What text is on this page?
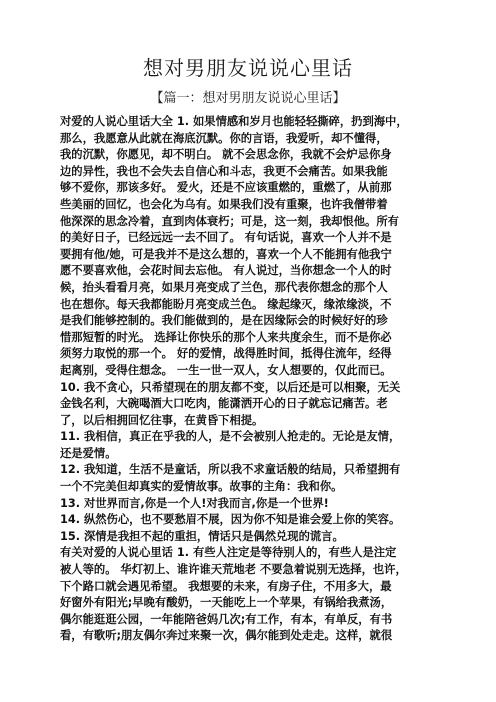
想对男朋友说说心里话
【篇一：想对男朋友说说心里话】
对爱的人说心里话大全 1. 如果情感和岁月也能轻轻撕碎，扔到海中，
那么，我愿意从此就在海底沉默。你的言语，我爱听，却不懂得，
我的沉默，你愿见，却不明白。 就不会思念你，我就不会炉忌你身
边的异性，我也不会失去自信心和斗志，我更不会痛苦。如果我能
够不爱你，那该多好。 爱火，还是不应该重燃的，重燃了，从前那
些美丽的回忆，也会化为乌有。如果我们没有重聚，也许我僧带着
他深深的思念冷着，直到肉体衰朽；可是，这一刻，我却恨他。所有
的美好日子，已经远远一去不回了。 有句话说，喜欢一个人并不是
要拥有他/她，可是我并不是这么想的，喜欢一个人不能拥有他我宁
愿不要喜欢他，会花时间去忘他。 有人说过，当你想念一个人的时
候，抬头看看月亮，如果月亮变成了兰色，那代表你想念的那个人
也在想你。每天我都能盼月亮变成兰色。 缘起缘灭，缘浓缘淡，不
是我们能够控制的。我们能做到的，是在因缘际会的时候好好的珍
惜那短暂的时光。 选择让你快乐的那个人来共度余生，而不是你必
须努力取悦的那一个。 好的爱情，战得胜时间，抵得住流年，经得
起离别，受得住想念。 一生一世一双人，女人想要的，仅此而已。
10. 我不贪心，只希望现在的朋友都不变，以后还是可以相聚，无关
金钱名利，大碗喝酒大口吃肉，能潇洒开心的日子就忘记痛苦。老
了，以后相拥回忆往事，在黄昏下相提。
11. 我相信，真正在乎我的人，是不会被别人抢走的。无论是友情，
还是爱情。
12. 我知道，生活不是童话，所以我不求童话般的结局，只希望拥有
一个不完美但却真实的爱情故事。故事的主角：我和你。
13. 对世界而言,你是一个人!对我而言,你是一个世界!
14. 纵然伤心，也不要愁眉不展，因为你不知是谁会爱上你的笑容。
15. 深情是我担不起的重担，情话只是偶然兑现的谎言。
有关对爱的人说心里话 1. 有些人注定是等待别人的，有些人是注定
被人等的。 华灯初上、谁许谁天荒地老 不要急着说别无选择，也许，
下个路口就会遇见希望。 我想要的未来，有房子住，不用多大，最
好窗外有阳光;早晚有酸奶，一天能吃上一个苹果，有锅给我煮汤，
偶尔能逛逛公园，一年能陪爸妈几次;有工作，有本，有单反，有书
看，有歌听;朋友偶尔奔过来聚一次，偶尔能到处走走。这样，就很
